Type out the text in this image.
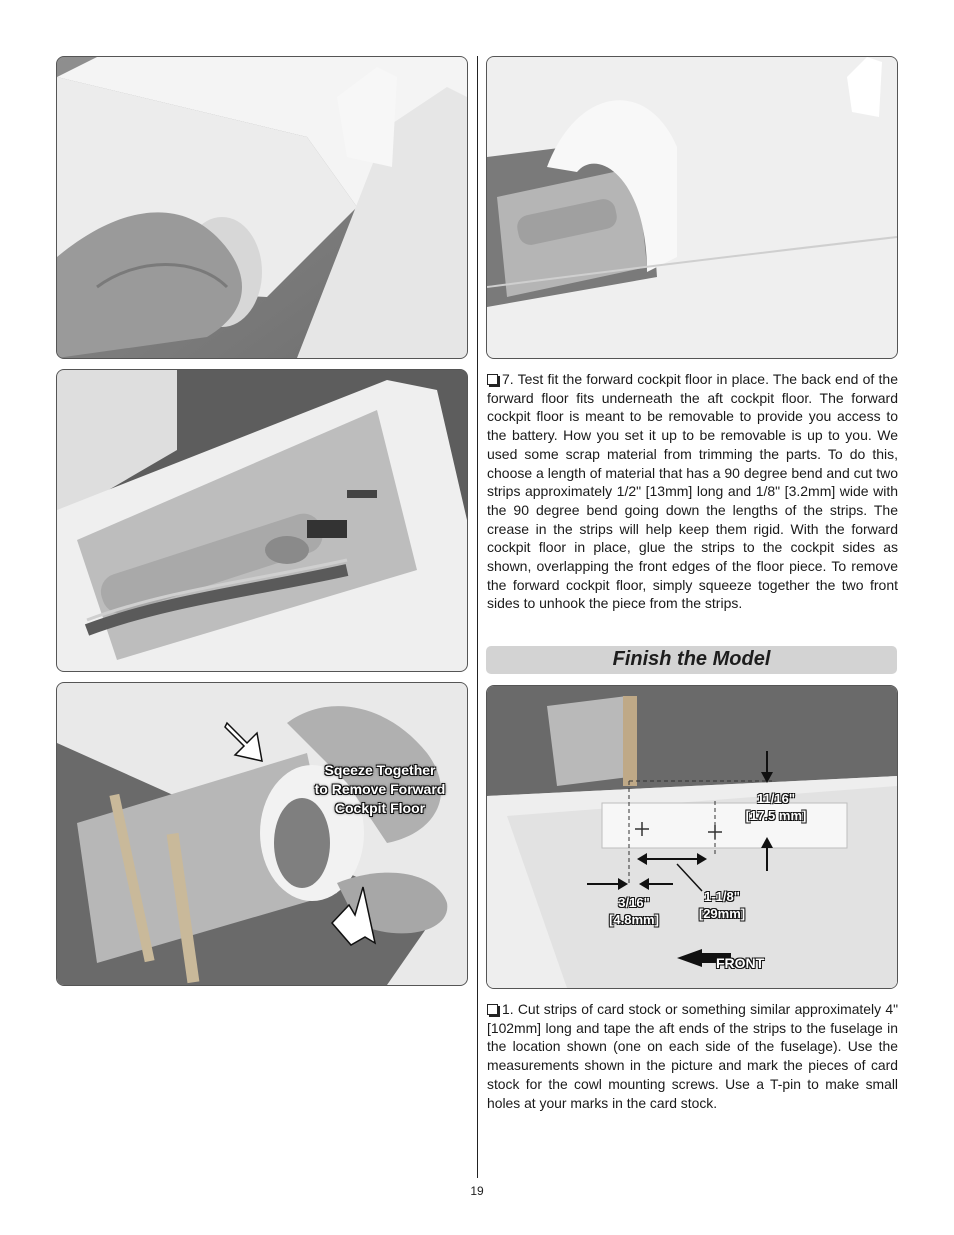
Sqeeze Together
to Remove Forward
Cockpit Floor
11/16"
[17.5 mm]
3/16"
[4.8mm]
1-1/8"
[29mm]
FRONT
7. Test fit the forward cockpit floor in place. The back end of the forward floor fits underneath the aft cockpit floor. The forward cockpit floor is meant to be removable to provide you access to the battery. How you set it up to be removable is up to you. We used some scrap material from trimming the parts. To do this, choose a length of material that has a 90 degree bend and cut two strips approximately 1/2" [13mm] long and 1/8" [3.2mm] wide with the 90 degree bend going down the lengths of the strips. The crease in the strips will help keep them rigid. With the forward cockpit floor in place, glue the strips to the cockpit sides as shown, overlapping the front edges of the floor piece. To remove the forward cockpit floor, simply squeeze together the two front sides to unhook the piece from the strips.
Finish the Model
1. Cut strips of card stock or something similar approximately 4" [102mm] long and tape the aft ends of the strips to the fuselage in the location shown (one on each side of the fuselage). Use the measurements shown in the picture and mark the pieces of card stock for the cowl mounting screws. Use a T-pin to make small holes at your marks in the card stock.
19
